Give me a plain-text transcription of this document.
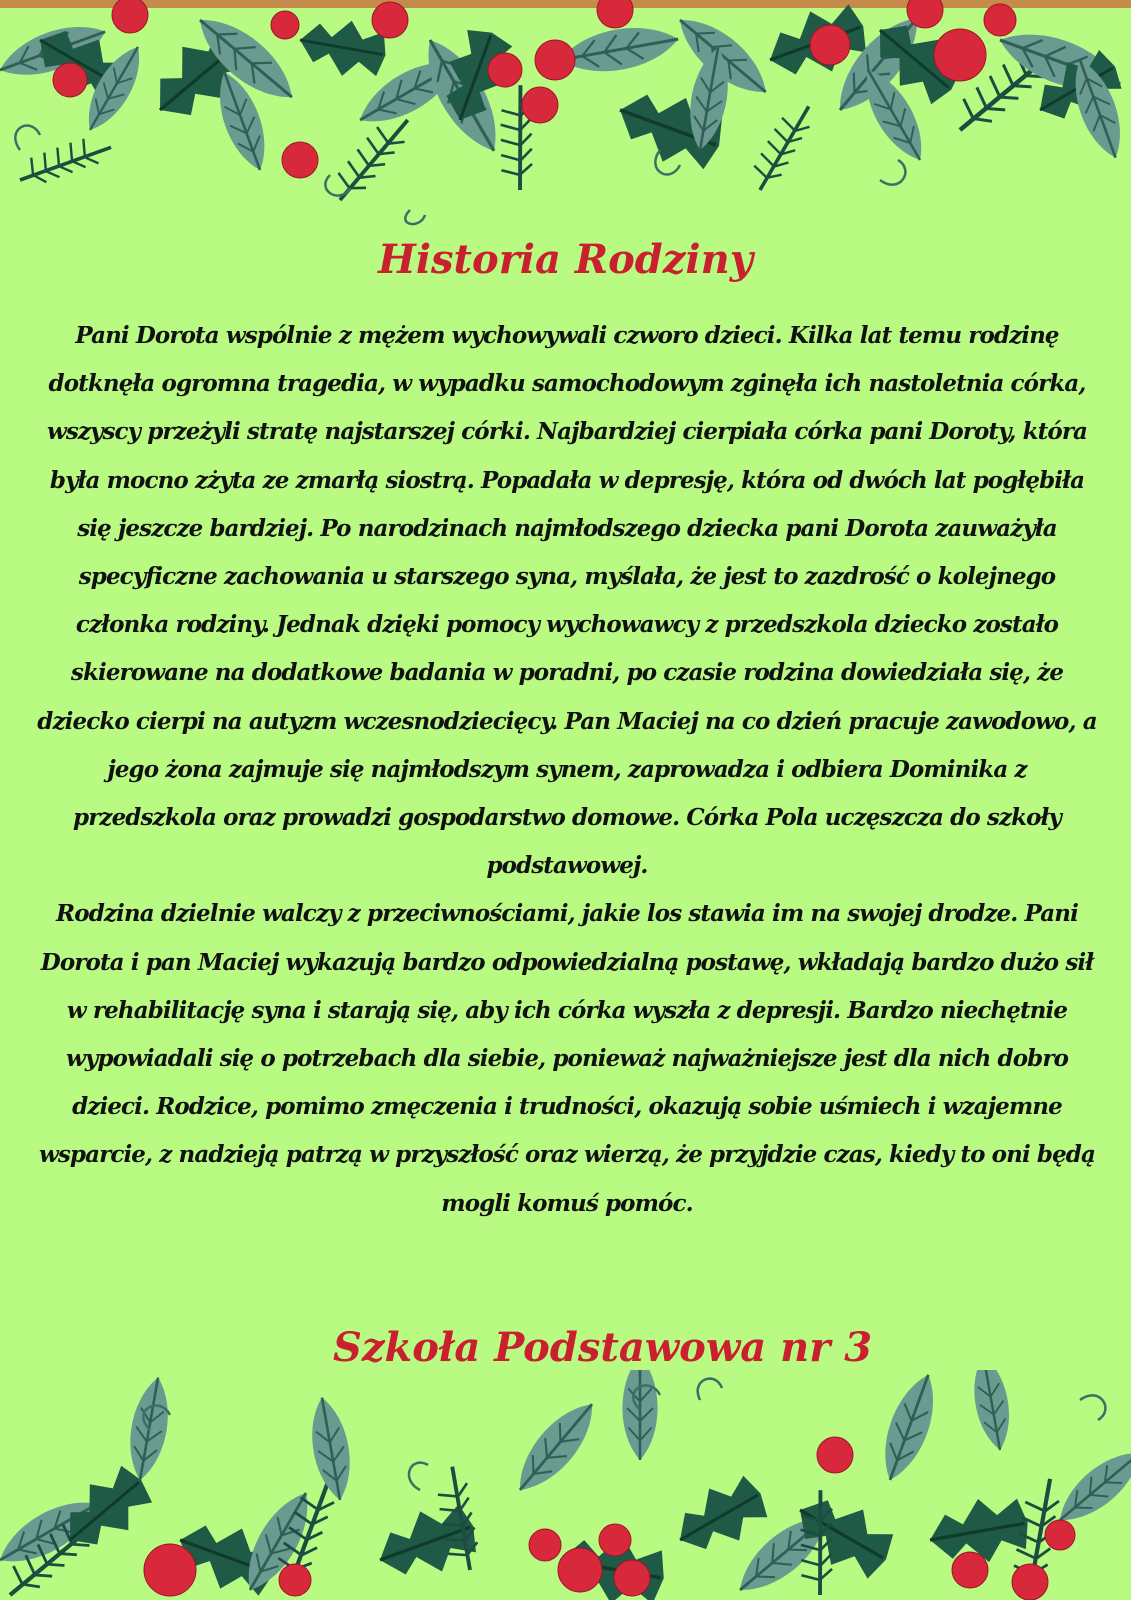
Historia Rodziny

Pani Dorota wspólnie z mężem wychowywali czworo dzieci. Kilka lat temu rodzinę dotknęła ogromna tragedia, w wypadku samochodowym zginęła ich nastoletnia córka, wszyscy przeżyli stratę najstarszej córki. Najbardziej cierpiała córka pani Doroty, która była mocno zżyta ze zmarłą siostrą. Popadała w depresję, która od dwóch lat pogłębiła się jeszcze bardziej. Po narodzinach najmłodszego dziecka pani Dorota zauważyła specyficzne zachowania u starszego syna, myślała, że jest to zazdrość o kolejnego członka rodziny. Jednak dzięki pomocy wychowawcy z przedszkola dziecko zostało skierowane na dodatkowe badania w poradni, po czasie rodzina dowiedziała się, że dziecko cierpi na autyzm wczesnodziecięcy. Pan Maciej na co dzień pracuje zawodowo, a jego żona zajmuje się najmłodszym synem, zaprowadza i odbiera Dominika z przedszkola oraz prowadzi gospodarstwo domowe. Córka Pola uczęszcza do szkoły podstawowej.

Rodzina dzielnie walczy z przeciwnościami, jakie los stawia im na swojej drodze. Pani Dorota i pan Maciej wykazują bardzo odpowiedzialną postawę, wkładają bardzo dużo sił w rehabilitację syna i starają się, aby ich córka wyszła z depresji. Bardzo niechętnie wypowiadali się o potrzebach dla siebie, ponieważ najważniejsze jest dla nich dobro dzieci. Rodzice, pomimo zmęczenia i trudności, okazują sobie uśmiech i wzajemne wsparcie, z nadzieją patrzą w przyszłość oraz wierzą, że przyjdzie czas, kiedy to oni będą mogli komuś pomóc.

Szkoła Podstawowa nr 3
